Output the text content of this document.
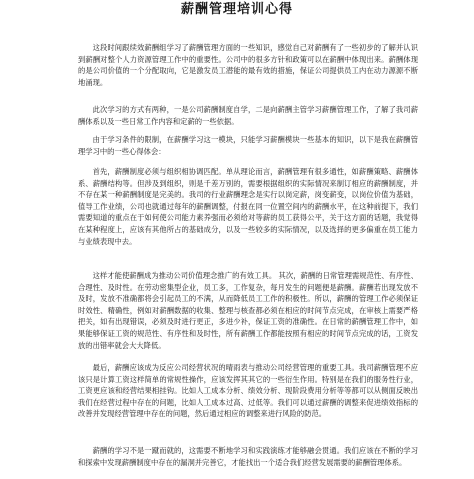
薪酬管理培训心得

这段时间跟续效薪酬组学习了薪酬管理方面的一些知识，感觉自己对薪酬有了一些初步的了解并认识到薪酬对整个人力资源管理工作中的重要性。公司中的很多方针和政策可以在薪酬中体现出来。薪酬体现的是公司价值的一个分配取向，它是激发员工潜能的最有效的措施，保证公司提供员工内在动力源源不断地涌现。

此次学习的方式有两种，一是公司薪酬制度自学，二是向薪酬主管学习薪酬管理工作，了解了我司薪酬体系以及一些日常工作内容和定薪的一些依据。

由于学习条件的限制，在薪酬学习这一模块，只能学习薪酬模块一些基本的知识，以下是我在薪酬管理学习中的一些心得体会：

首先，薪酬制度必须与组织相协调匹配。单从理论而言，薪酬管理有很多通性，如薪酬策略、薪酬体系、薪酬结构等。但涉及到组织，则是千差万别的，需要根据组织的实际情况来制订相应的薪酬制度，并不存在某一种薪酬制度是完美的。我司的行业薪酬理念是实行以岗定薪，岗变薪变，以岗位价值为基础，值导工作业绩，公司也就通过每年的薪酬调整，付报在同一位置空间内的薪酬水平，在这种前提下，我们需要知道的重点在于如何使公司能力素养强而必须给对等薪的员工获得公平，关于这方面的话题，我觉得在某种程度上，应该有其他所占的基础成分，以及一些较多的实际情况，以及选择的更多偏重在员工能力与业绩表现中去。

这样才能使薪酬成为推动公司价值理念推广的有效工具。 其次，薪酬的日常管理需规范性、有序性、合理性、及时性。在劳动密集型企业，员工多，工作复杂，每月发生的问题便是薪酬。薪酬若出现发放不及时，发放不准确都将会引起员工的不满，从而降低员工工作的积极性。所以，薪酬的管理工作必须保证时效性、精确性，例如对薪酬数据的收集、整理与核查都必须在相应的时间节点完成，在审核上需要严格把关，如有出现错误，必须及时进行更正，多进少补，保证工资的准确性。在日常的薪酬管理工作中，如果能够保证工资的规范性、有序性和及时性，所有薪酬工作都能按照有相应的时间节点完成的话，工资发放的出错率就会大大降低。

最后，薪酬应该成为反应公司经营状况的晴雨表与推动公司经营管理的重要工具。我司薪酬管理不应该只是计算工资这样简单的常规性操作，应该发挥其其它的一些衍生作用。特别是在我们的服务性行业，工资更应该和经营结果相挂钩。比如人工成本分析、绩效分析、现阶段费用分析等等都可以从侧面反映出我们在经营过程中存在的问题，比如人工成本过高、过低等。我们可以通过薪酬的调整来促进绩效指标的改善并发现经营管理中存在的问题，然后通过相应的调整来进行风险的防范。

薪酬的学习不是一蹴而就的，这需要不断地学习和实践演练才能够融会贯通。我们应该在不断的学习和探索中发现薪酬制度中存在的漏洞并完善它，才能找出一个适合我们经营发展需要的薪酬管理体系。
